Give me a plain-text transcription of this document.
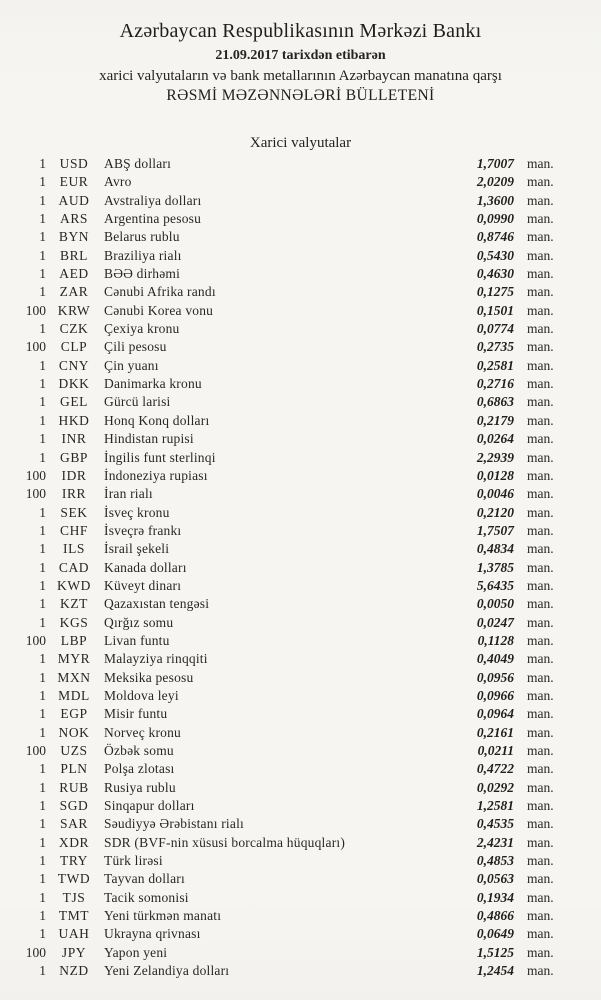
Azərbaycan Respublikasının Mərkəzi Bankı
21.09.2017 tarixdən etibarən
xarici valyutaların və bank metallarının Azərbaycan manatına qarşı
RƏSMİ MƏZƏNNƏLƏRİ BÜLLETENİ
Xarici valyutalar
1	USD	ABŞ dolları	1,7007 man.
1	EUR	Avro	2,0209 man.
1 AUD	Avstraliya dolları	1,3600 man.
1	ARS	Argentina pesosu	0,0990 man.
1 BYN	Belarus rublu	0,8746 man.
1	BRL	Braziliya rialı	0,5430 man.
1 AED	BƏƏ dirhəmi	0,4630 man.
1	ZAR	Cənubi Afrika randı	0,1275 man.
100 KRW	Cənubi Korea vonu	0,1501 man.
1	CZK	Çexiya kronu	0,0774 man.
100	CLP	Çili pesosu	0,2735 man.
1 CNY	Çin yuanı	0,2581 man.
1 DKK	Danimarka kronu	0,2716 man.
1	GEL	Gürcü larisi	0,6863 man.
1 HKD	Honq Konq dolları	0,2179 man.
1	INR	Hindistan rupisi	0,0264 man.
1	GBP	İngilis funt sterlinqi	2,2939 man.
100	IDR	İndoneziya rupiası	0,0128 man.
100	IRR	İran rialı	0,0046 man.
1	SEK	İsveç kronu	0,2120 man.
1	CHF	İsveçrə frankı	1,7507 man.
1	ILS	İsrail şekeli	0,4834 man.
1 CAD	Kanada dolları	1,3785 man.
1 KWD Küveyt dinarı	5,6435 man.
1	KZT	Qazaxıstan tengəsi	0,0050 man.
1	KGS	Qırğız somu	0,0247 man.
100	LBP	Livan funtu	0,1128 man.
1 MYR	Malayziya rinqqiti	0,4049 man.
1 MXN Meksika pesosu	0,0956 man.
1 MDL	Moldova leyi	0,0966 man.
1	EGP	Misir funtu	0,0964 man.
1 NOK	Norveç kronu	0,2161 man.
100	UZS	Özbək somu	0,0211 man.
1	PLN	Polşa zlotası	0,4722 man.
1 RUB	Rusiya rublu	0,0292 man.
1	SGD	Sinqapur dolları	1,2581 man.
1	SAR	Səudiyyə Ərəbistanı rialı	0,4535 man.
1 XDR	SDR (BVF-nin xüsusi borcalma hüquqları)	2,4231 man.
1	TRY	Türk lirəsi	0,4853 man.
1 TWD	Tayvan dolları	0,0563 man.
1	TJS	Tacik somonisi	0,1934 man.
1 TMT	Yeni türkmən manatı	0,4866 man.
1 UAH	Ukrayna qrivnası	0,0649 man.
100	JPY	Yapon yeni	1,5125 man.
1 NZD	Yeni Zelandiya dolları	1,2454 man.
